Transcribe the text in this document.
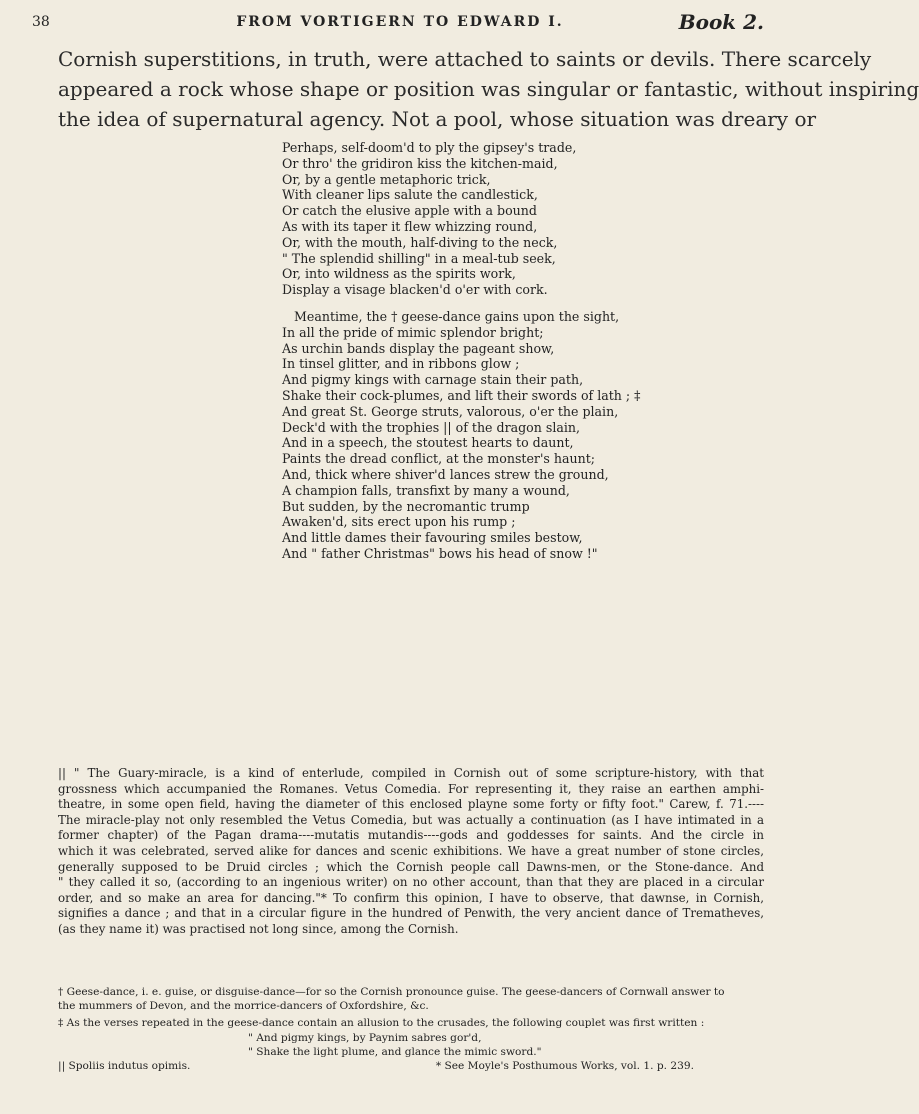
38	FROM VORTIGERN TO EDWARD I.	Book 2.
Cornish superstitions, in truth, were attached to saints or devils. There scarcely
appeared a rock whose shape or position was singular or fantastic, without inspiring
the idea of supernatural agency. Not a pool, whose situation was dreary or
Perhaps, self-doom'd to ply the gipsey's trade,
Or thro' the gridiron kiss the kitchen-maid,
Or, by a gentle metaphoric trick,
With cleaner lips salute the candlestick,
Or catch the elusive apple with a bound
As with its taper it flew whizzing round,
Or, with the mouth, half-diving to the neck,
" The splendid shilling" in a meal-tub seek,
Or, into wildness as the spirits work,
Display a visage blacken'd o'er with cork.
Meantime, the † geese-dance gains upon the sight,
In all the pride of mimic splendor bright;
As urchin bands display the pageant show,
In tinsel glitter, and in ribbons glow ;
And pigmy kings with carnage stain their path,
Shake their cock-plumes, and lift their swords of lath ; ‡
And great St. George struts, valorous, o'er the plain,
Deck'd with the trophies || of the dragon slain,
And in a speech, the stoutest hearts to daunt,
Paints the dread conflict, at the monster's haunt;
And, thick where shiver'd lances strew the ground,
A champion falls, transfixt by many a wound,
But sudden, by the necromantic trump
Awaken'd, sits erect upon his rump ;
And little dames their favouring smiles bestow,
And " father Christmas" bows his head of snow !"
|| " The Guary-miracle, is a kind of enterlude, compiled in Cornish out of some scripture-history, with that
grossness which accumpanied the Romanes. Vetus Comedia. For representing it, they raise an earthen amphi-
theatre, in some open field, having the diameter of this enclosed playne some forty or fifty foot." Carew, f. 71.----
The miracle-play not only resembled the Vetus Comedia, but was actually a continuation (as I have intimated in a
former chapter) of the Pagan drama----mutatis mutandis----gods and goddesses for saints. And the circle in
which it was celebrated, served alike for dances and scenic exhibitions. We have a great number of stone circles,
generally supposed to be Druid circles ; which the Cornish people call Dawns-men, or the Stone-dance. And
" they called it so, (according to an ingenious writer) on no other account, than that they are placed in a circular
order, and so make an area for dancing."* To confirm this opinion, I have to observe, that dawnse, in Cornish,
signifies a dance ; and that in a circular figure in the hundred of Penwith, the very ancient dance of Trematheves,
(as they name it) was practised not long since, among the Cornish.
† Geese-dance, i. e. guise, or disguise-dance—for so the Cornish pronounce guise. The geese-dancers of Cornwall answer to
the mummers of Devon, and the morrice-dancers of Oxfordshire, &c.
‡ As the verses repeated in the geese-dance contain an allusion to the crusades, the following couplet was first written :
" And pigmy kings, by Paynim sabres gor'd,
" Shake the light plume, and glance the mimic sword."
|| Spoliis indutus opimis.	* See Moyle's Posthumous Works, vol. 1. p. 239.
